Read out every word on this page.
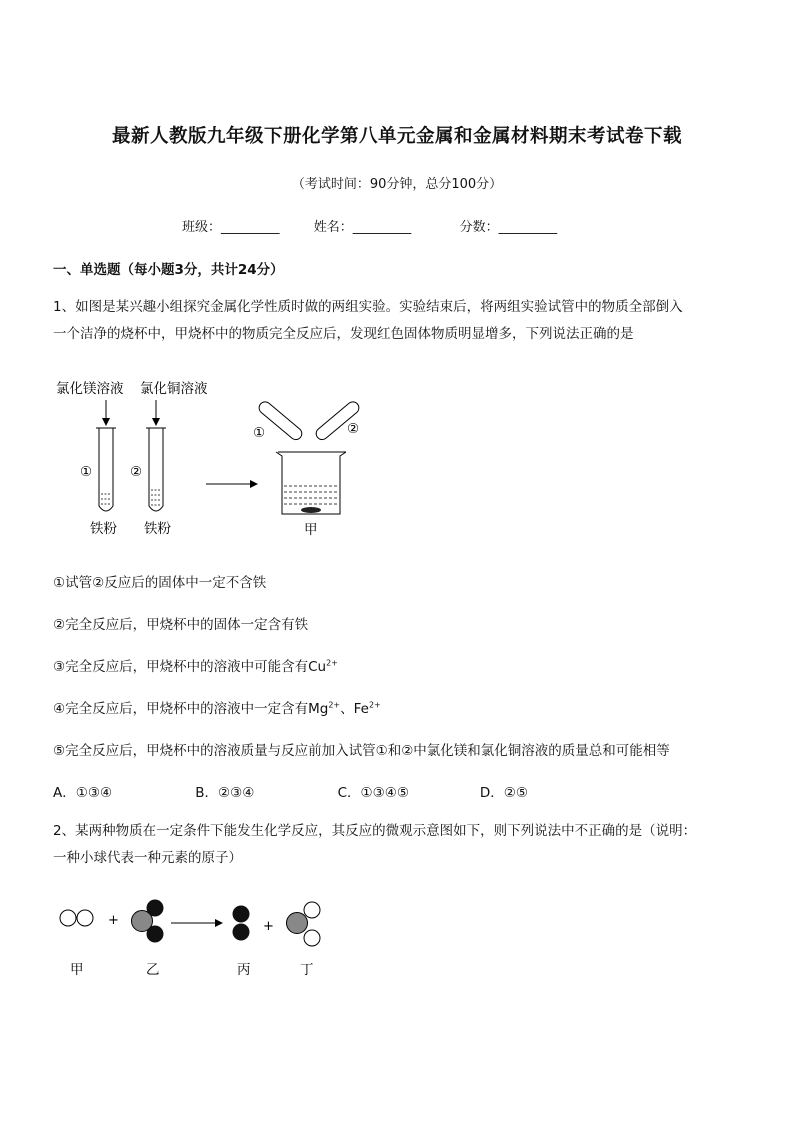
最新人教版九年级下册化学第八单元金属和金属材料期末考试卷下载
（考试时间：90分钟，总分100分）
班级：_________	姓名：_________	分数：_________
一、单选题（每小题3分，共计24分）
1、如图是某兴趣小组探究金属化学性质时做的两组实验。实验结束后，将两组实验试管中的物质全部倒入
一个洁净的烧杯中，甲烧杯中的物质完全反应后，发现红色固体物质明显增多，下列说法正确的是
氯化镁溶液 氯化铜溶液
①	②
铁粉 铁粉
①	②
甲
①试管②反应后的固体中一定不含铁
②完全反应后，甲烧杯中的固体一定含有铁
③完全反应后，甲烧杯中的溶液中可能含有$Cu^{2+}$
④完全反应后，甲烧杯中的溶液中一定含有$Mg^{2+}$、$Fe^{2+}$
⑤完全反应后，甲烧杯中的溶液质量与反应前加入试管①和②中氯化镁和氯化铜溶液的质量总和可能相等
A．①③④	B．②③④	C．①③④⑤	D．②⑤
2、某两种物质在一定条件下能发生化学反应，其反应的微观示意图如下，则下列说法中不正确的是（说明：
一种小球代表一种元素的原子）
+	+
甲	乙	丙	丁
